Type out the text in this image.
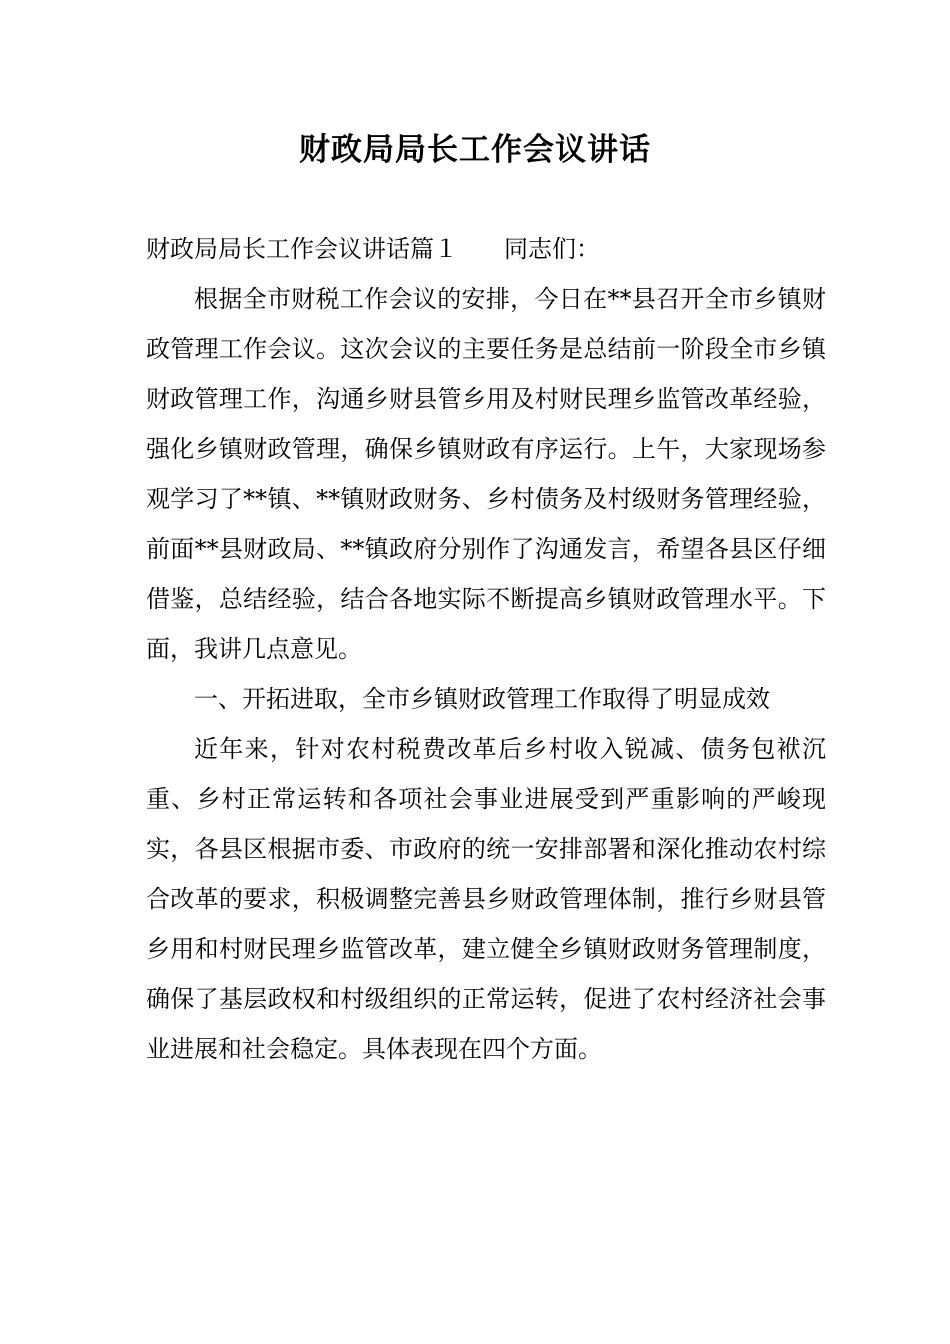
财政局局长工作会议讲话

财政局局长工作会议讲话篇１ 同志们：

根据全市财税工作会议的安排，今日在**县召开全市乡镇财政管理工作会议。这次会议的主要任务是总结前一阶段全市乡镇财政管理工作，沟通乡财县管乡用及村财民理乡监管改革经验，强化乡镇财政管理，确保乡镇财政有序运行。上午，大家现场参观学习了**镇、**镇财政财务、乡村债务及村级财务管理经验，前面**县财政局、**镇政府分别作了沟通发言，希望各县区仔细借鉴，总结经验，结合各地实际不断提高乡镇财政管理水平。下面，我讲几点意见。

一、开拓进取，全市乡镇财政管理工作取得了明显成效

近年来，针对农村税费改革后乡村收入锐减、债务包袱沉重、乡村正常运转和各项社会事业进展受到严重影响的严峻现实，各县区根据市委、市政府的统一安排部署和深化推动农村综合改革的要求，积极调整完善县乡财政管理体制，推行乡财县管乡用和村财民理乡监管改革，建立健全乡镇财政财务管理制度，确保了基层政权和村级组织的正常运转，促进了农村经济社会事业进展和社会稳定。具体表现在四个方面。
